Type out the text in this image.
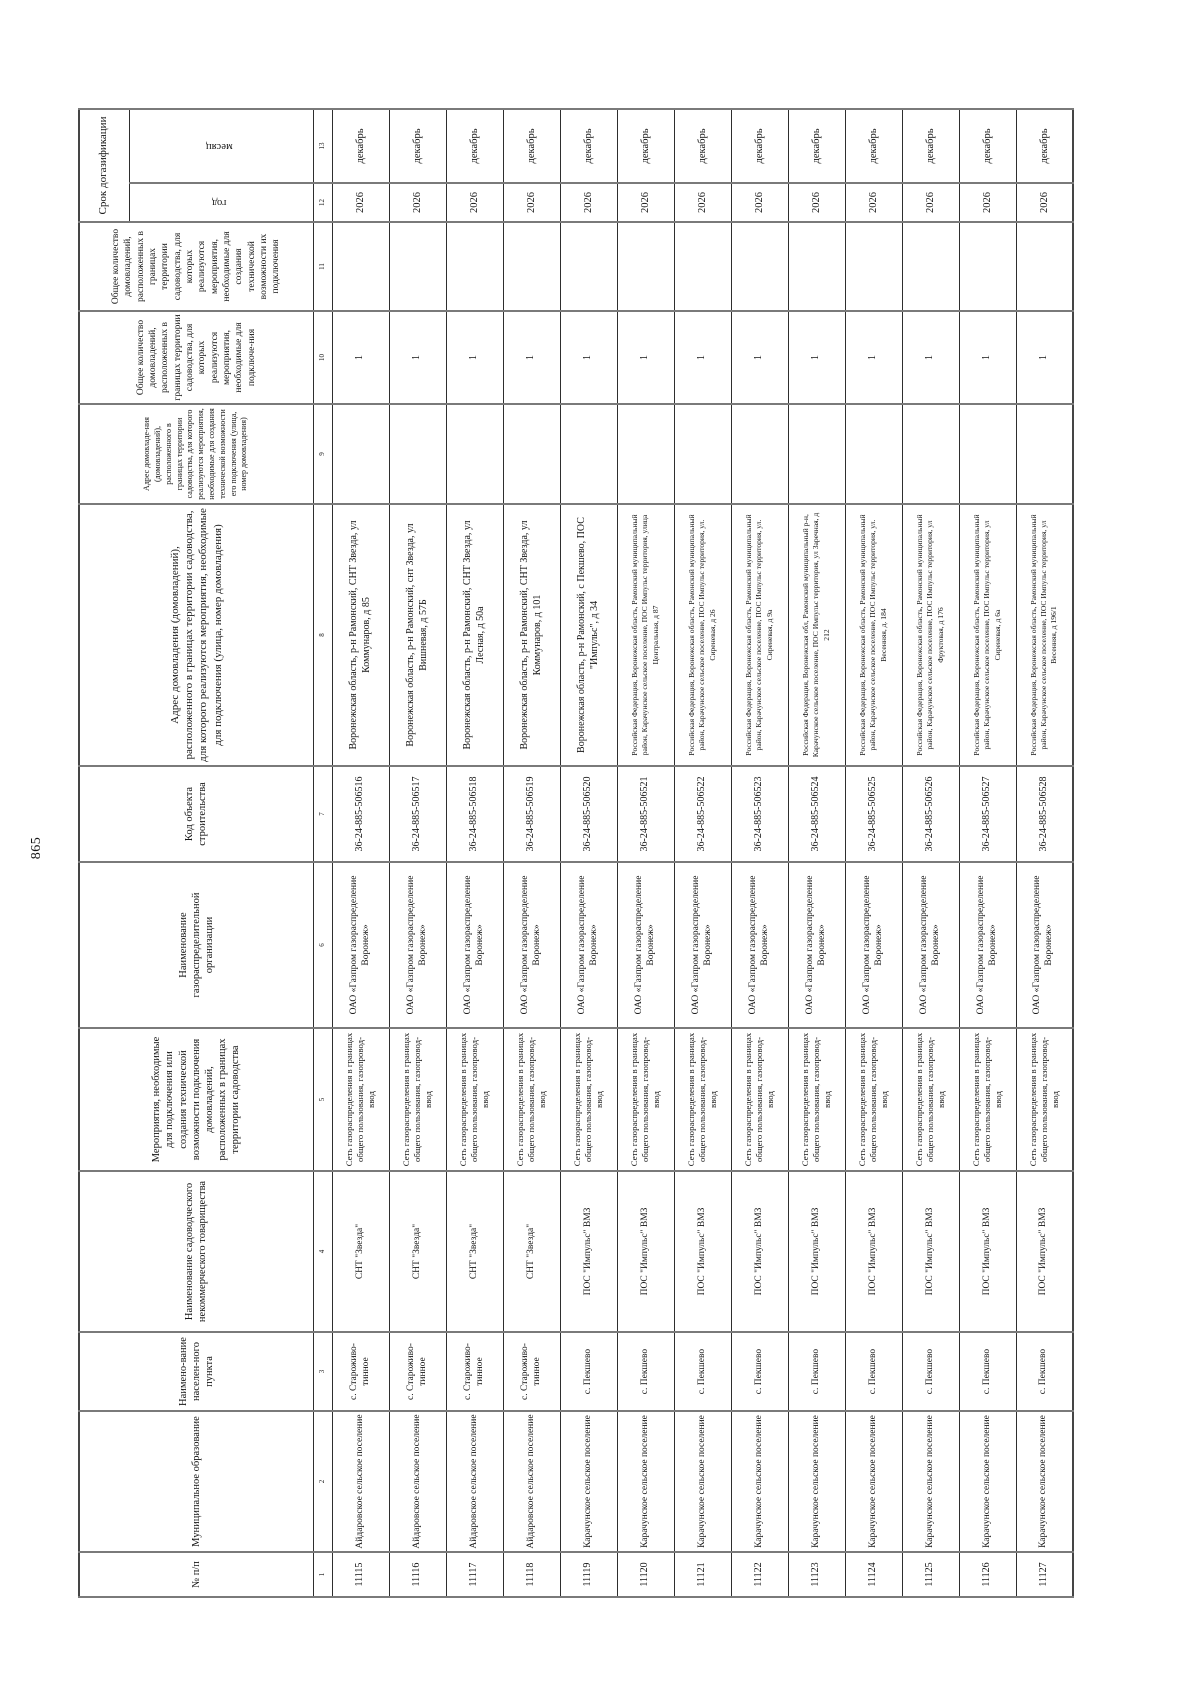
865
№ п/п	Муниципальное образование	Наимено-вание населен-ного пункта	Наименование садоводческого некоммерческого товарищества	Мероприятия, необходимые для подключения или создания технической возможности подключения домовладений, расположенных в границах территории садоводства	Наименование газораспределительной организации	Код объекта строительства	Адрес домовладения (домовладений), расположенного в границах территории садоводства, для которого реализуются мероприятия, необходимые для подключения (улица, номер домовладения)	Адрес домовладе-ния (домовладений), расположенного в границах территории садоводства, для которого реализуются мероприятия, необходимые для создания технической возможности его подключения (улица, номер домовладения)	Общее количество домовладений, расположенных в границах территории садоводства, для которых реализуются мероприятия, необходимые для подключе-ния	Общее количество домовладений, расположенных в границах территории садоводства, для которых реализуются мероприятия, необходимые для создания технической возможности их подключения	Срок догазификации	
											год	месяц
1	2	3	4	5	6	7	8	9	10	11	12	13
11115	Айдаровское сельское поселение	с. Староживо-тинное	СНТ "Звезда"	Сеть газораспределения в границах общего пользования, газопровод-ввод	ОАО «Газпром газораспределение Воронеж»	36-24-885-506516	Воронежская область, р-н Рамонский, СНТ Звезда, ул Коммунаров, д 85		1		2026	декабрь
11116	Айдаровское сельское поселение	с. Староживо-тинное	СНТ "Звезда"	Сеть газораспределения в границах общего пользования, газопровод-ввод	ОАО «Газпром газораспределение Воронеж»	36-24-885-506517	Воронежская область, р-н Рамонский, снт Звезда, ул Вишневая, д 57Б		1		2026	декабрь
11117	Айдаровское сельское поселение	с. Староживо-тинное	СНТ "Звезда"	Сеть газораспределения в границах общего пользования, газопровод-ввод	ОАО «Газпром газораспределение Воронеж»	36-24-885-506518	Воронежская область, р-н Рамонский, СНТ Звезда, ул Лесная, д 50а		1		2026	декабрь
11118	Айдаровское сельское поселение	с. Староживо-тинное	СНТ "Звезда"	Сеть газораспределения в границах общего пользования, газопровод-ввод	ОАО «Газпром газораспределение Воронеж»	36-24-885-506519	Воронежская область, р-н Рамонский, СНТ Звезда, ул Коммунаров, д 101		1		2026	декабрь
11119	Карачунское сельское поселение	с. Пекшево	ПОС "Импульс" ВМЗ	Сеть газораспределения в границах общего пользования, газопровод-ввод	ОАО «Газпром газораспределение Воронеж»	36-24-885-506520	Воронежская область, р-н Рамонский, с Пекшево, ПОС "Импульс", д 34		1		2026	декабрь
11120	Карачунское сельское поселение	с. Пекшево	ПОС "Импульс" ВМЗ	Сеть газораспределения в границах общего пользования, газопровод-ввод	ОАО «Газпром газораспределение Воронеж»	36-24-885-506521	Российская Федерация, Воронежская область, Рамонский муниципальный район, Карачунское сельское поселение, ПОС Импульс территория, улица Центральная, д 87		1		2026	декабрь
11121	Карачунское сельское поселение	с. Пекшево	ПОС "Импульс" ВМЗ	Сеть газораспределения в границах общего пользования, газопровод-ввод	ОАО «Газпром газораспределение Воронеж»	36-24-885-506522	Российская Федерация, Воронежская область, Рамонский муниципальный район, Карачунское сельское поселение, ПОС Импульс территория, ул. Сиреневая, д 26		1		2026	декабрь
11122	Карачунское сельское поселение	с. Пекшево	ПОС "Импульс" ВМЗ	Сеть газораспределения в границах общего пользования, газопровод-ввод	ОАО «Газпром газораспределение Воронеж»	36-24-885-506523	Российская Федерация, Воронежская область, Рамонский муниципальный район, Карачунское сельское поселение, ПОС Импульс территория, ул. Сиреневая, д 9а		1		2026	декабрь
11123	Карачунское сельское поселение	с. Пекшево	ПОС "Импульс" ВМЗ	Сеть газораспределения в границах общего пользования, газопровод-ввод	ОАО «Газпром газораспределение Воронеж»	36-24-885-506524	Российская Федерация, Воронежская обл, Рамонский муниципальный р-н, Карачунское сельское поселение, ПОС Импульс территория, ул Заречная, д 212		1		2026	декабрь
11124	Карачунское сельское поселение	с. Пекшево	ПОС "Импульс" ВМЗ	Сеть газораспределения в границах общего пользования, газопровод-ввод	ОАО «Газпром газораспределение Воронеж»	36-24-885-506525	Российская Федерация, Воронежская область, Рамонский муниципальный район, Карачунское сельское поселение, ПОС Импульс территория, ул. Весенняя, д. 184		1		2026	декабрь
11125	Карачунское сельское поселение	с. Пекшево	ПОС "Импульс" ВМЗ	Сеть газораспределения в границах общего пользования, газопровод-ввод	ОАО «Газпром газораспределение Воронеж»	36-24-885-506526	Российская Федерация, Воронежская область, Рамонский муниципальный район, Карачунское сельское поселение, ПОС Импульс территория, ул Фруктовая, д 176		1		2026	декабрь
11126	Карачунское сельское поселение	с. Пекшево	ПОС "Импульс" ВМЗ	Сеть газораспределения в границах общего пользования, газопровод-ввод	ОАО «Газпром газораспределение Воронеж»	36-24-885-506527	Российская Федерация, Воронежская область, Рамонский муниципальный район, Карачунское сельское поселение, ПОС Импульс территория, ул Сиреневая, д 6а		1		2026	декабрь
11127	Карачунское сельское поселение	с. Пекшево	ПОС "Импульс" ВМЗ	Сеть газораспределения в границах общего пользования, газопровод-ввод	ОАО «Газпром газораспределение Воронеж»	36-24-885-506528	Российская Федерация, Воронежская область, Рамонский муниципальный район, Карачунское сельское поселение, ПОС Импульс территория, ул Весенняя, д 196/1		1		2026	декабрь
